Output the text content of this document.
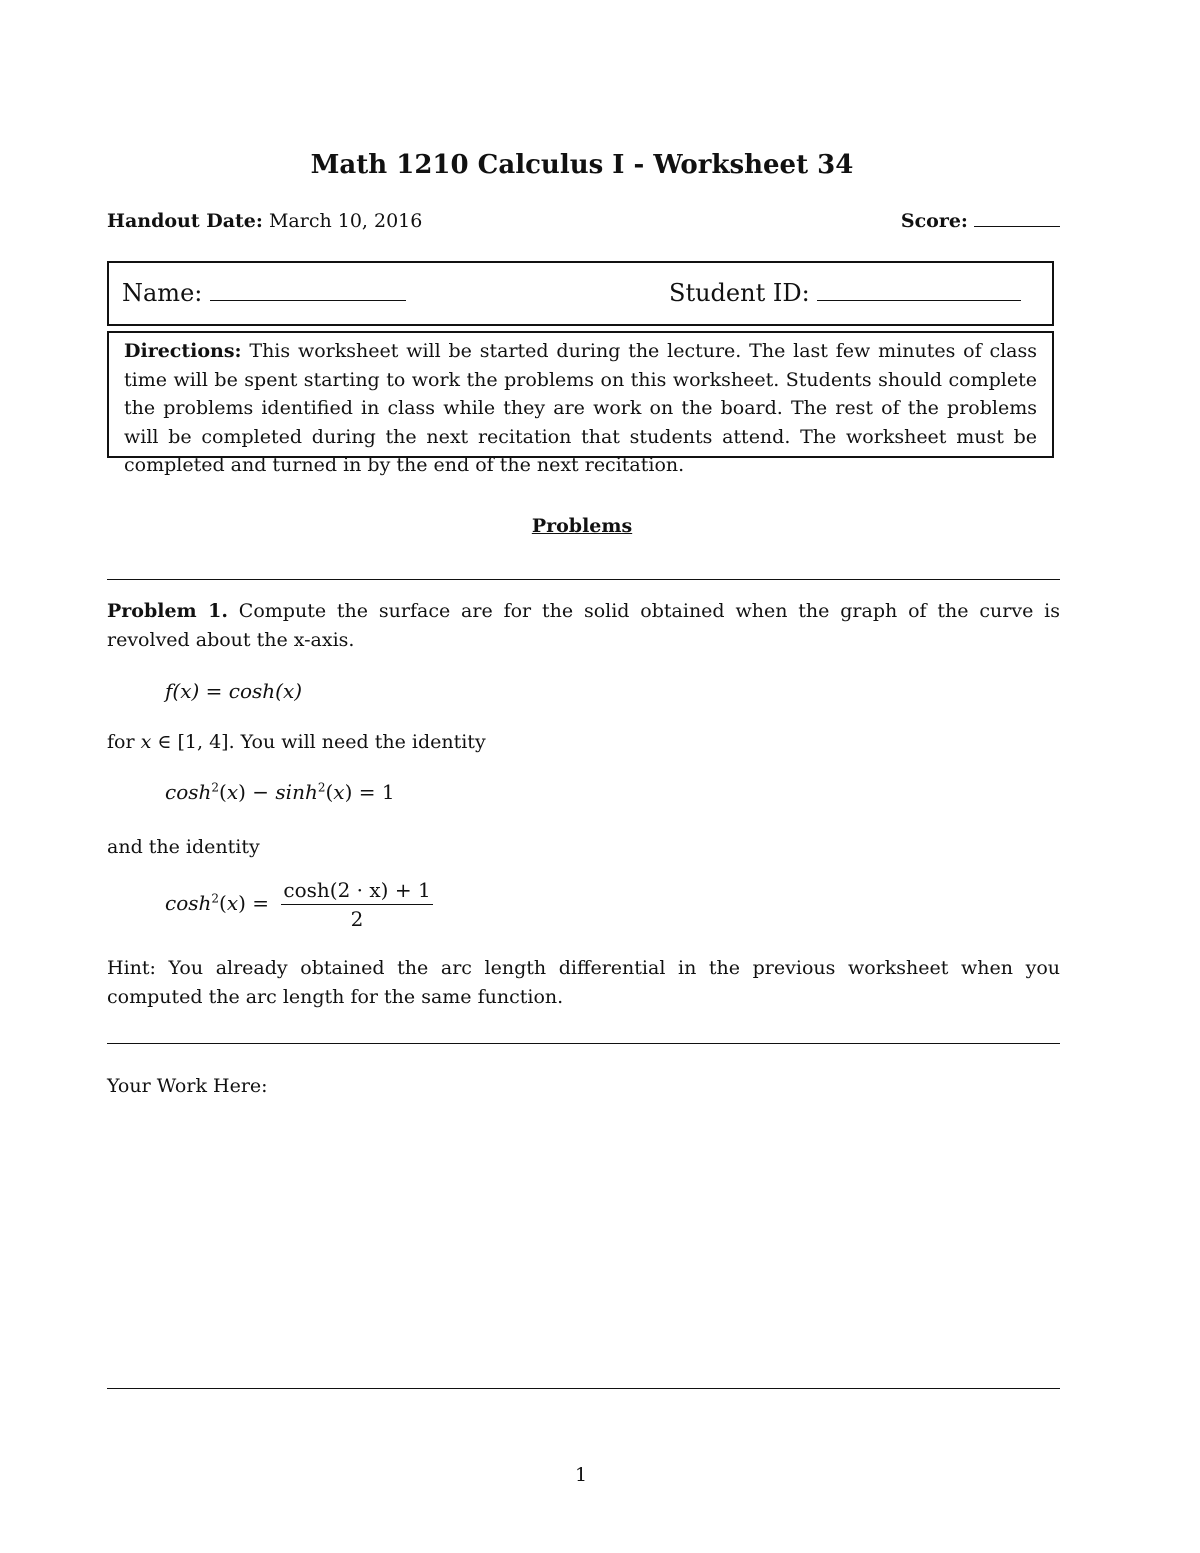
Math 1210 Calculus I - Worksheet 34
Handout Date: March 10, 2016	Score:
Name:	Student ID:
Directions: This worksheet will be started during the lecture. The last few minutes of class time will be spent starting to work the problems on this worksheet. Students should complete the problems identified in class while they are work on the board. The rest of the problems will be completed during the next recitation that students attend. The worksheet must be completed and turned in by the end of the next recitation.
Problems
Problem 1. Compute the surface are for the solid obtained when the graph of the curve is revolved about the x-axis.
f(x) = cosh(x)
for x ∈ [1, 4]. You will need the identity
$\cosh^2(x) - \sinh^2(x) = 1$
and the identity
$\cosh^2(x) = \frac{\cosh(2 \cdot x) + 1}{2}$
Hint: You already obtained the arc length differential in the previous worksheet when you computed the arc length for the same function.
Your Work Here:
1
